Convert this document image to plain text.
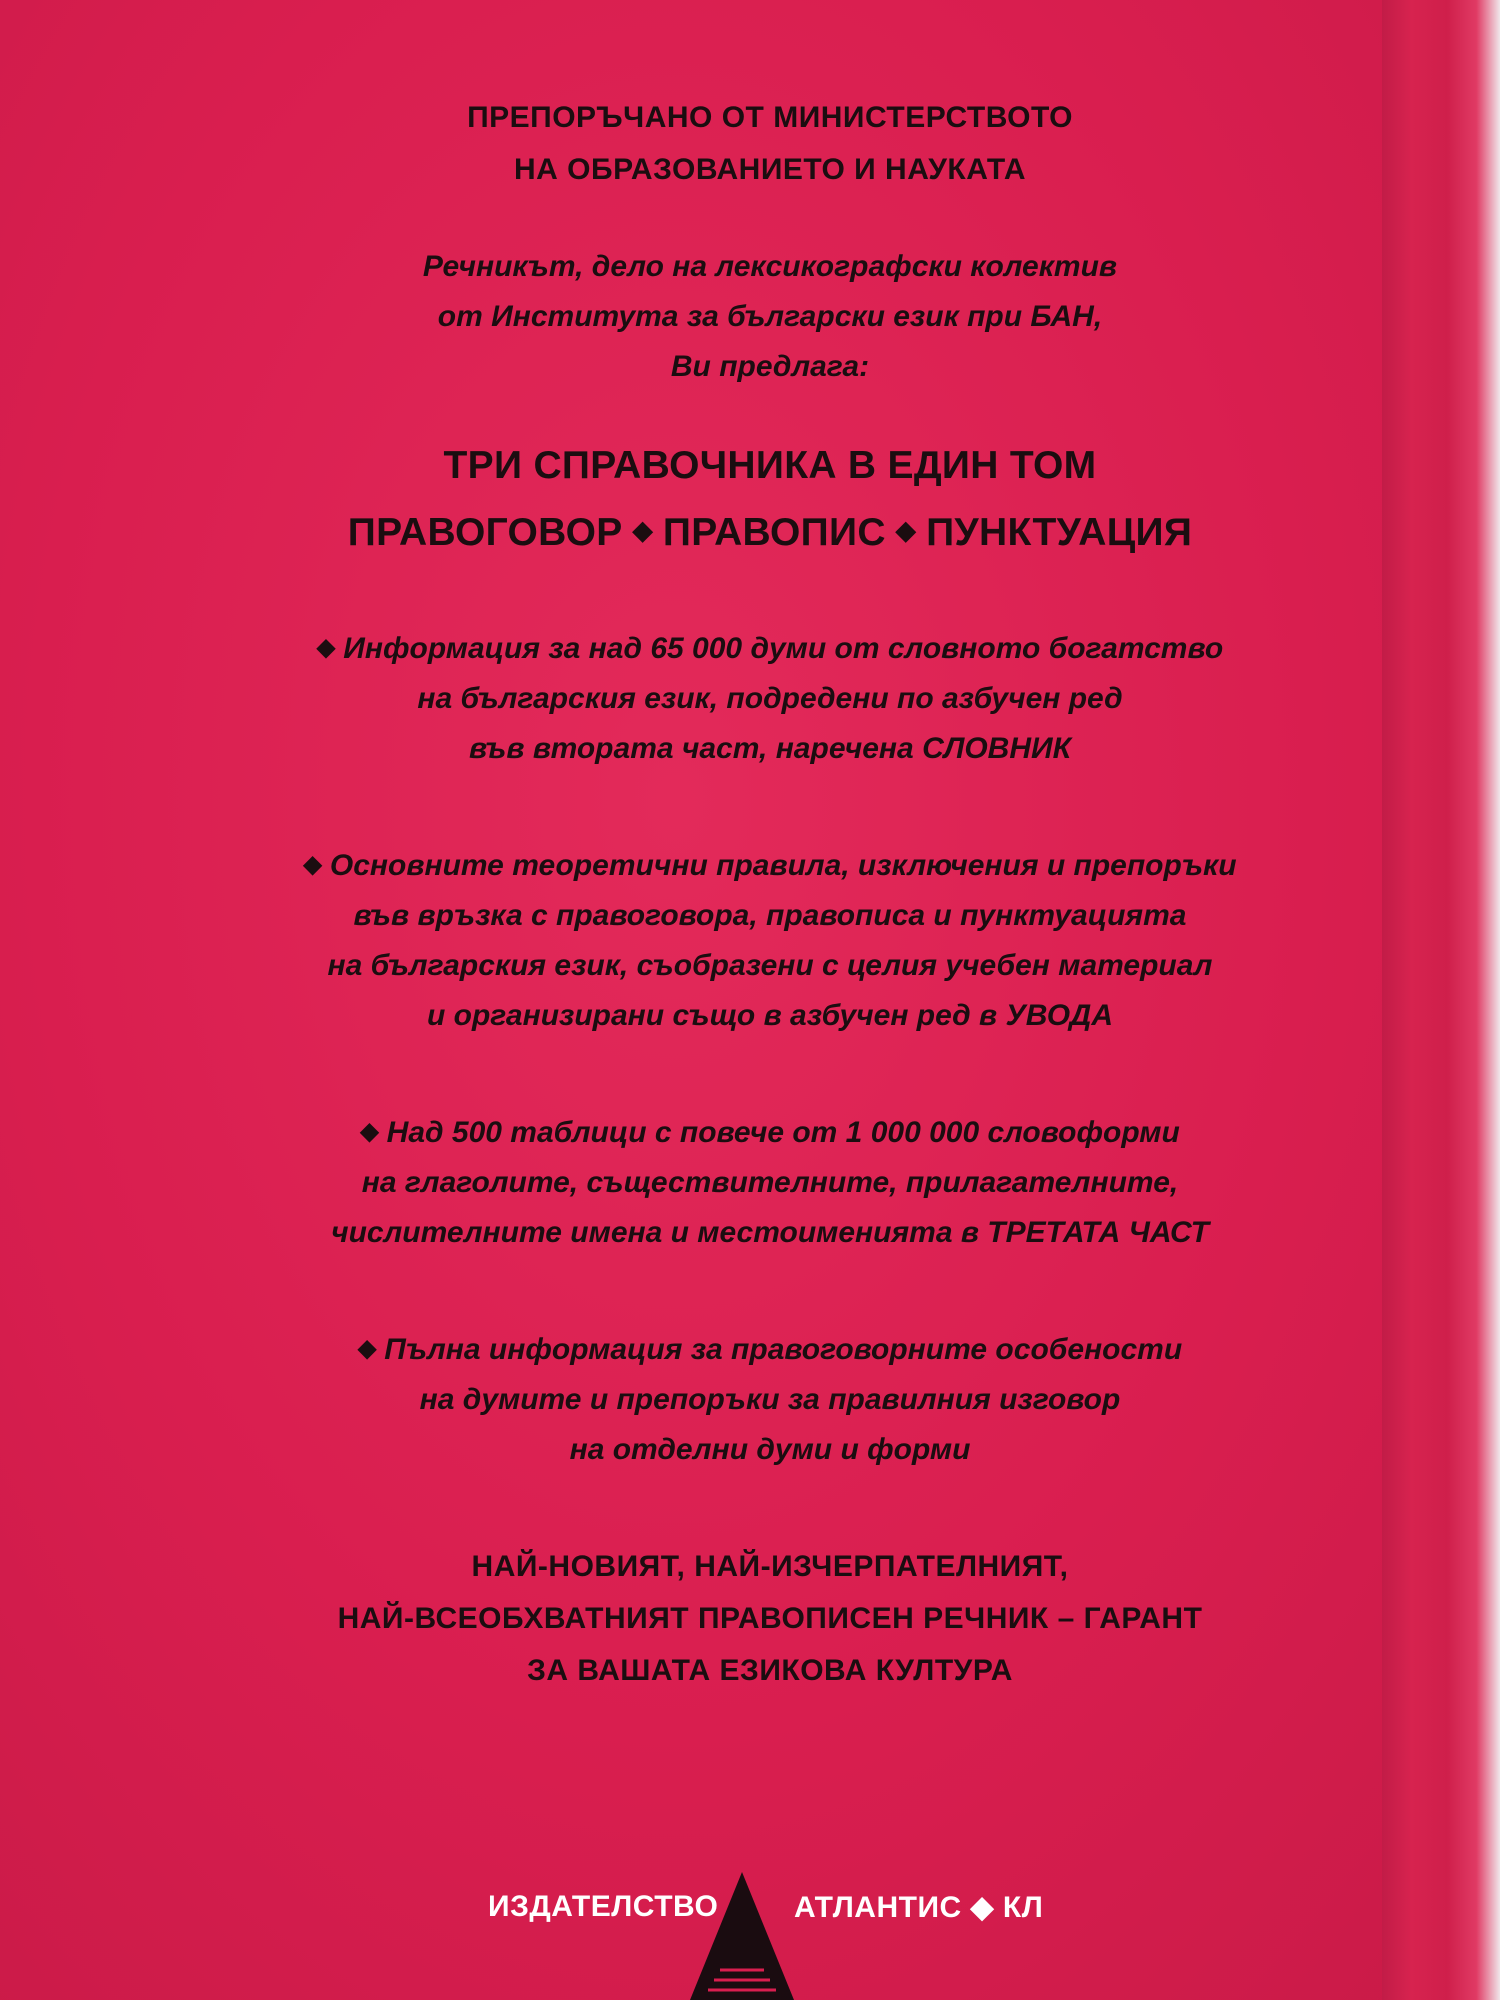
ПРЕПОРЪЧАНО ОТ МИНИСТЕРСТВОТО
НА ОБРАЗОВАНИЕТО И НАУКАТА
Речникът, дело на лексикографски колектив
от Института за български език при БАН,
Ви предлага:
ТРИ СПРАВОЧНИКА В ЕДИН ТОМ
ПРАВОГОВОР ◆ ПРАВОПИС ◆ ПУНКТУАЦИЯ
◆ Информация за над 65 000 думи от словното богатство
на българския език, подредени по азбучен ред
във втората част, наречена СЛОВНИК
◆ Основните теоретични правила, изключения и препоръки
във връзка с правоговора, правописа и пунктуацията
на българския език, съобразени с целия учебен материал
и организирани също в азбучен ред в УВОДА
◆ Над 500 таблици с повече от 1 000 000 словоформи
на глаголите, съществителните, прилагателните,
числителните имена и местоименията в ТРЕТАТА ЧАСТ
◆ Пълна информация за правоговорните особености
на думите и препоръки за правилния изговор
на отделни думи и форми
НАЙ-НОВИЯТ, НАЙ-ИЗЧЕРПАТЕЛНИЯТ,
НАЙ-ВСЕОБХВАТНИЯТ ПРАВОПИСЕН РЕЧНИК – ГАРАНТ
ЗА ВАШАТА ЕЗИКОВА КУЛТУРА
ИЗДАТЕЛСТВО	АТЛАНТИС ◆ КЛ
